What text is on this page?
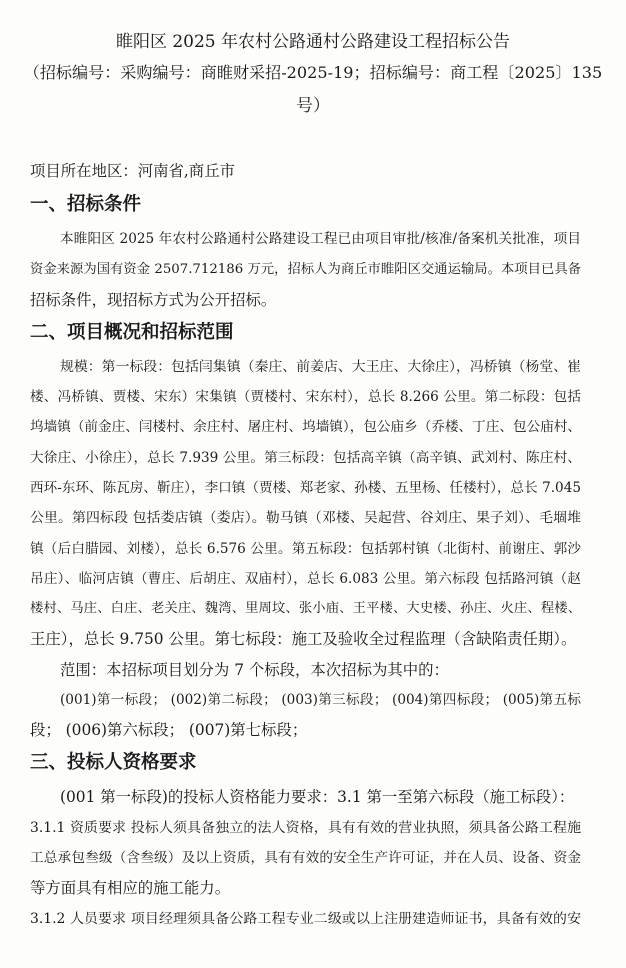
睢阳区 2025 年农村公路通村公路建设工程招标公告
（招标编号：采购编号：商睢财采招-2025-19；招标编号：商工程〔2025〕135
号）
项目所在地区：河南省,商丘市
一、招标条件
本睢阳区 2025 年农村公路通村公路建设工程已由项目审批/核准/备案机关批准，项目
资金来源为国有资金 2507.712186 万元，招标人为商丘市睢阳区交通运输局。本项目已具备
招标条件，现招标方式为公开招标。
二、项目概况和招标范围
规模：第一标段：包括闫集镇（秦庄、前姜店、大王庄、大徐庄），冯桥镇（杨堂、崔
楼、冯桥镇、贾楼、宋东）宋集镇（贾楼村、宋东村），总长 8.266 公里。第二标段：包括
坞墙镇（前金庄、闫楼村、余庄村、屠庄村、坞墙镇），包公庙乡（乔楼、丁庄、包公庙村、
大徐庄、小徐庄），总长 7.939 公里。第三标段：包括高辛镇（高辛镇、武刘村、陈庄村、
西环-东环、陈瓦房、靳庄），李口镇（贾楼、郑老家、孙楼、五里杨、任楼村），总长 7.045
公里。第四标段 包括娄店镇（娄店）。勒马镇（邓楼、吴起营、谷刘庄、果子刘）、毛堌堆
镇（后白腊园、刘楼），总长 6.576 公里。第五标段：包括郭村镇（北街村、前谢庄、郭沙
吊庄）、临河店镇（曹庄、后胡庄、双庙村），总长 6.083 公里。第六标段 包括路河镇（赵
楼村、马庄、白庄、老关庄、魏湾、里周坟、张小庙、王平楼、大史楼、孙庄、火庄、程楼、
王庄），总长 9.750 公里。第七标段：施工及验收全过程监理（含缺陷责任期）。
范围：本招标项目划分为 7 个标段，本次招标为其中的：
(001)第一标段； (002)第二标段； (003)第三标段； (004)第四标段； (005)第五标
段； (006)第六标段； (007)第七标段；
三、投标人资格要求
(001 第一标段)的投标人资格能力要求：3.1 第一至第六标段（施工标段）：
3.1.1 资质要求 投标人须具备独立的法人资格，具有有效的营业执照，须具备公路工程施
工总承包叁级（含叁级）及以上资质，具有有效的安全生产许可证，并在人员、设备、资金
等方面具有相应的施工能力。
3.1.2 人员要求 项目经理须具备公路工程专业二级或以上注册建造师证书，具备有效的安
